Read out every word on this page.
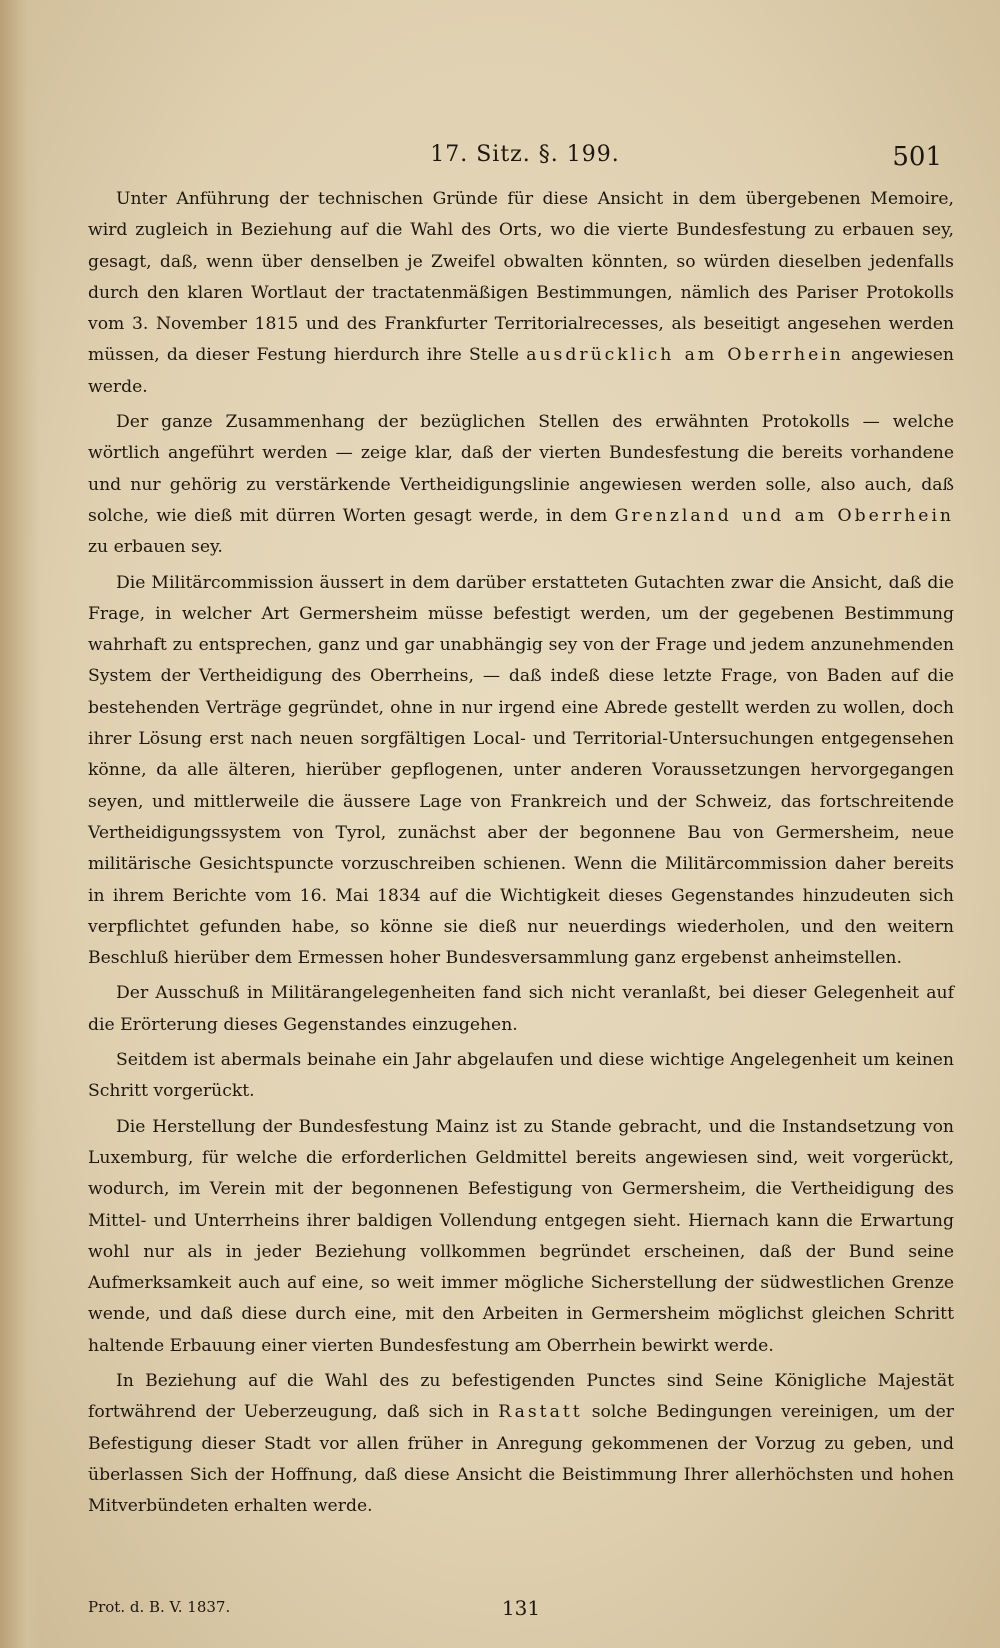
17. Sitz. §. 199.	501

Unter Anführung der technischen Gründe für diese Ansicht in dem übergebenen Memoire, wird zugleich in Beziehung auf die Wahl des Orts, wo die vierte Bundesfestung zu erbauen sey, gesagt, daß, wenn über denselben je Zweifel obwalten könnten, so würden dieselben jedenfalls durch den klaren Wortlaut der tractatenmäßigen Bestimmungen, nämlich des Pariser Protokolls vom 3. November 1815 und des Frankfurter Territorialrecesses, als beseitigt angesehen werden müssen, da dieser Festung hierdurch ihre Stelle ausdrücklich am Oberrhein angewiesen werde.

Der ganze Zusammenhang der bezüglichen Stellen des erwähnten Protokolls — welche wörtlich angeführt werden — zeige klar, daß der vierten Bundesfestung die bereits vorhandene und nur gehörig zu verstärkende Vertheidigungslinie angewiesen werden solle, also auch, daß solche, wie dieß mit dürren Worten gesagt werde, in dem Grenzland und am Oberrhein zu erbauen sey.

Die Militärcommission äussert in dem darüber erstatteten Gutachten zwar die Ansicht, daß die Frage, in welcher Art Germersheim müsse befestigt werden, um der gegebenen Bestimmung wahrhaft zu entsprechen, ganz und gar unabhängig sey von der Frage und jedem anzunehmenden System der Vertheidigung des Oberrheins, — daß indeß diese letzte Frage, von Baden auf die bestehenden Verträge gegründet, ohne in nur irgend eine Abrede gestellt werden zu wollen, doch ihrer Lösung erst nach neuen sorgfältigen Local- und Territorial-Untersuchungen entgegensehen könne, da alle älteren, hierüber gepflogenen, unter anderen Voraussetzungen hervorgegangen seyen, und mittlerweile die äussere Lage von Frankreich und der Schweiz, das fortschreitende Vertheidigungssystem von Tyrol, zunächst aber der begonnene Bau von Germersheim, neue militärische Gesichtspuncte vorzuschreiben schienen. Wenn die Militärcommission daher bereits in ihrem Berichte vom 16. Mai 1834 auf die Wichtigkeit dieses Gegenstandes hinzudeuten sich verpflichtet gefunden habe, so könne sie dieß nur neuerdings wiederholen, und den weitern Beschluß hierüber dem Ermessen hoher Bundesversammlung ganz ergebenst anheimstellen.

Der Ausschuß in Militärangelegenheiten fand sich nicht veranlaßt, bei dieser Gelegenheit auf die Erörterung dieses Gegenstandes einzugehen.

Seitdem ist abermals beinahe ein Jahr abgelaufen und diese wichtige Angelegenheit um keinen Schritt vorgerückt.

Die Herstellung der Bundesfestung Mainz ist zu Stande gebracht, und die Instandsetzung von Luxemburg, für welche die erforderlichen Geldmittel bereits angewiesen sind, weit vorgerückt, wodurch, im Verein mit der begonnenen Befestigung von Germersheim, die Vertheidigung des Mittel- und Unterrheins ihrer baldigen Vollendung entgegen sieht. Hiernach kann die Erwartung wohl nur als in jeder Beziehung vollkommen begründet erscheinen, daß der Bund seine Aufmerksamkeit auch auf eine, so weit immer mögliche Sicherstellung der südwestlichen Grenze wende, und daß diese durch eine, mit den Arbeiten in Germersheim möglichst gleichen Schritt haltende Erbauung einer vierten Bundesfestung am Oberrhein bewirkt werde.

In Beziehung auf die Wahl des zu befestigenden Punctes sind Seine Königliche Majestät fortwährend der Ueberzeugung, daß sich in Rastatt solche Bedingungen vereinigen, um der Befestigung dieser Stadt vor allen früher in Anregung gekommenen der Vorzug zu geben, und überlassen Sich der Hoffnung, daß diese Ansicht die Beistimmung Ihrer allerhöchsten und hohen Mitverbündeten erhalten werde.

Prot. d. B. V. 1837.	131
